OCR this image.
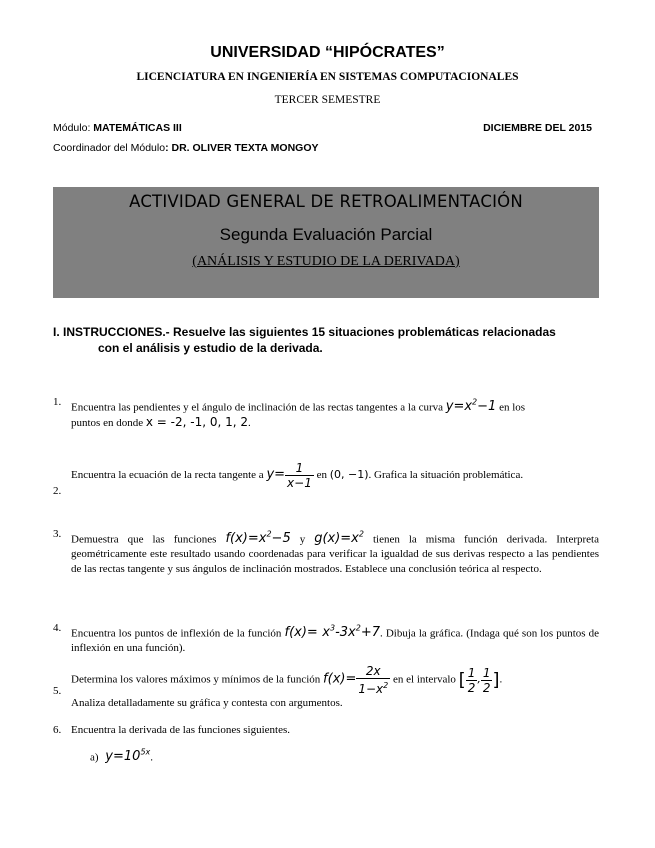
UNIVERSIDAD “HIPÓCRATES”
LICENCIATURA EN INGENIERÍA EN SISTEMAS COMPUTACIONALES
TERCER SEMESTRE
Módulo: MATEMÁTICAS III	DICIEMBRE DEL 2015
Coordinador del Módulo: DR. OLIVER TEXTA MONGOY
ACTIVIDAD GENERAL DE RETROALIMENTACIÓN
Segunda Evaluación Parcial
(ANÁLISIS Y ESTUDIO DE LA DERIVADA)
I. INSTRUCCIONES.- Resuelve las siguientes 15 situaciones problemáticas relacionadas
con el análisis y estudio de la derivada.
1. Encuentra las pendientes y el ángulo de inclinación de las rectas tangentes a la curva $y=x^2-1$ en los
puntos en donde x = -2, -1, 0, 1, 2.
2.
Encuentra la ecuación de la recta tangente a $y= \frac{1}{x-1}$ en (0, −1). Grafica la situación problemática.
3. Demuestra que las funciones $f(x)=x^2-5$ y $g(x)=x^2$ tienen la misma función derivada. Interpreta geométricamente este resultado usando coordenadas para verificar la igualdad de sus derivas respecto a las pendientes de las rectas tangente y sus ángulos de inclinación mostrados. Establece una conclusión teórica al respecto.
4. Encuentra los puntos de inflexión de la función $f(x)= x^3-3x^2+7$. Dibuja la gráfica. (Indaga qué son los puntos de inflexión en una función).
5.
Determina los valores máximos y mínimos de la función $f(x)= \frac{2x}{1-x^2}$ en el intervalo [ $\frac{1}{2}$ , $\frac{1}{2}$ ].
Analiza detalladamente su gráfica y contesta con argumentos.
6. Encuentra la derivada de las funciones siguientes.
a) $y=10^{5x}$.
